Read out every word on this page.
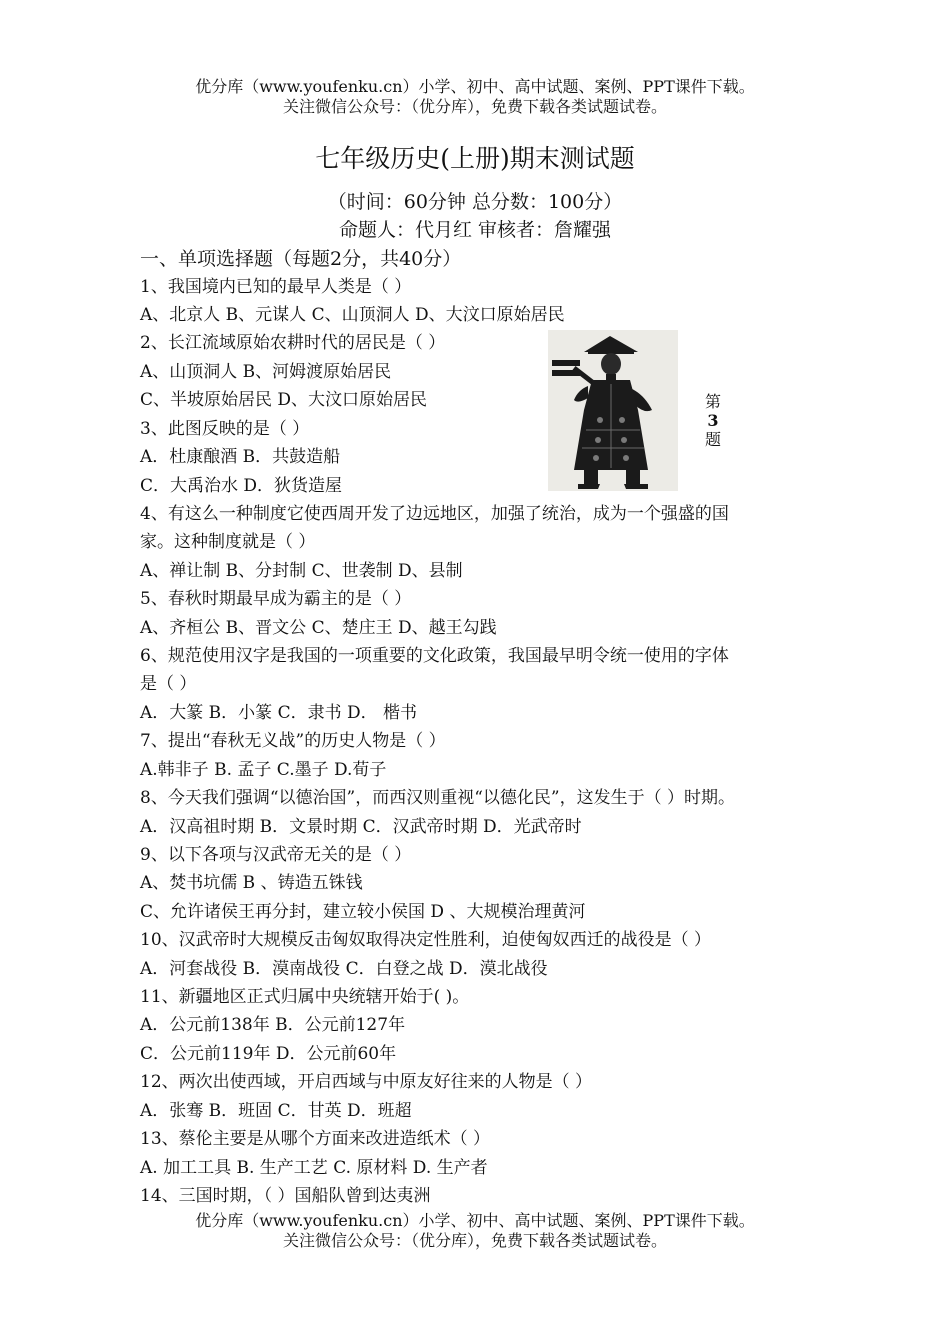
优分库（www.youfenku.cn）小学、初中、高中试题、案例、PPT课件下载。
关注微信公众号：（优分库），免费下载各类试题试卷。
七年级历史(上册)期末测试题
（时间：60分钟 总分数：100分）
命题人：代月红 审核者：詹耀强
一、单项选择题（每题2分，共40分）
1、我国境内已知的最早人类是（ ）
A、北京人 B、元谋人 C、山顶洞人 D、大汶口原始居民
2、长江流域原始农耕时代的居民是（ ）
A、山顶洞人 B、河姆渡原始居民
C、半坡原始居民 D、大汶口原始居民
3、此图反映的是（ ）
A．杜康酿酒 B．共鼓造船
C．大禹治水 D．狄货造屋
第
3
题
4、有这么一种制度它使西周开发了边远地区，加强了统治，成为一个强盛的国
家。这种制度就是（ ）
A、禅让制 B、分封制 C、世袭制 D、县制
5、春秋时期最早成为霸主的是（ ）
A、齐桓公 B、晋文公 C、楚庄王 D、越王勾践
6、规范使用汉字是我国的一项重要的文化政策，我国最早明令统一使用的字体
是（ ）
A．大篆 B．小篆 C．隶书 D． 楷书
7、提出“春秋无义战”的历史人物是（ ）
A.韩非子 B. 孟子 C.墨子 D.荀子
8、今天我们强调“以德治国”，而西汉则重视“以德化民”，这发生于（ ）时期。
A．汉高祖时期 B．文景时期 C．汉武帝时期 D．光武帝时
9、以下各项与汉武帝无关的是（ ）
A、焚书坑儒 B 、铸造五铢钱
C、允许诸侯王再分封，建立较小侯国 D 、大规模治理黄河
10、汉武帝时大规模反击匈奴取得决定性胜利，迫使匈奴西迁的战役是（ ）
A．河套战役 B．漠南战役 C．白登之战 D．漠北战役
11、新疆地区正式归属中央统辖开始于( )。
A．公元前138年 B．公元前127年
C．公元前119年 D．公元前60年
12、两次出使西域，开启西域与中原友好往来的人物是（ ）
A．张骞 B．班固 C．甘英 D．班超
13、蔡伦主要是从哪个方面来改进造纸术（ ）
A. 加工工具 B. 生产工艺 C. 原材料 D. 生产者
14、三国时期，（ ）国船队曾到达夷洲
优分库（www.youfenku.cn）小学、初中、高中试题、案例、PPT课件下载。
关注微信公众号：（优分库），免费下载各类试题试卷。
